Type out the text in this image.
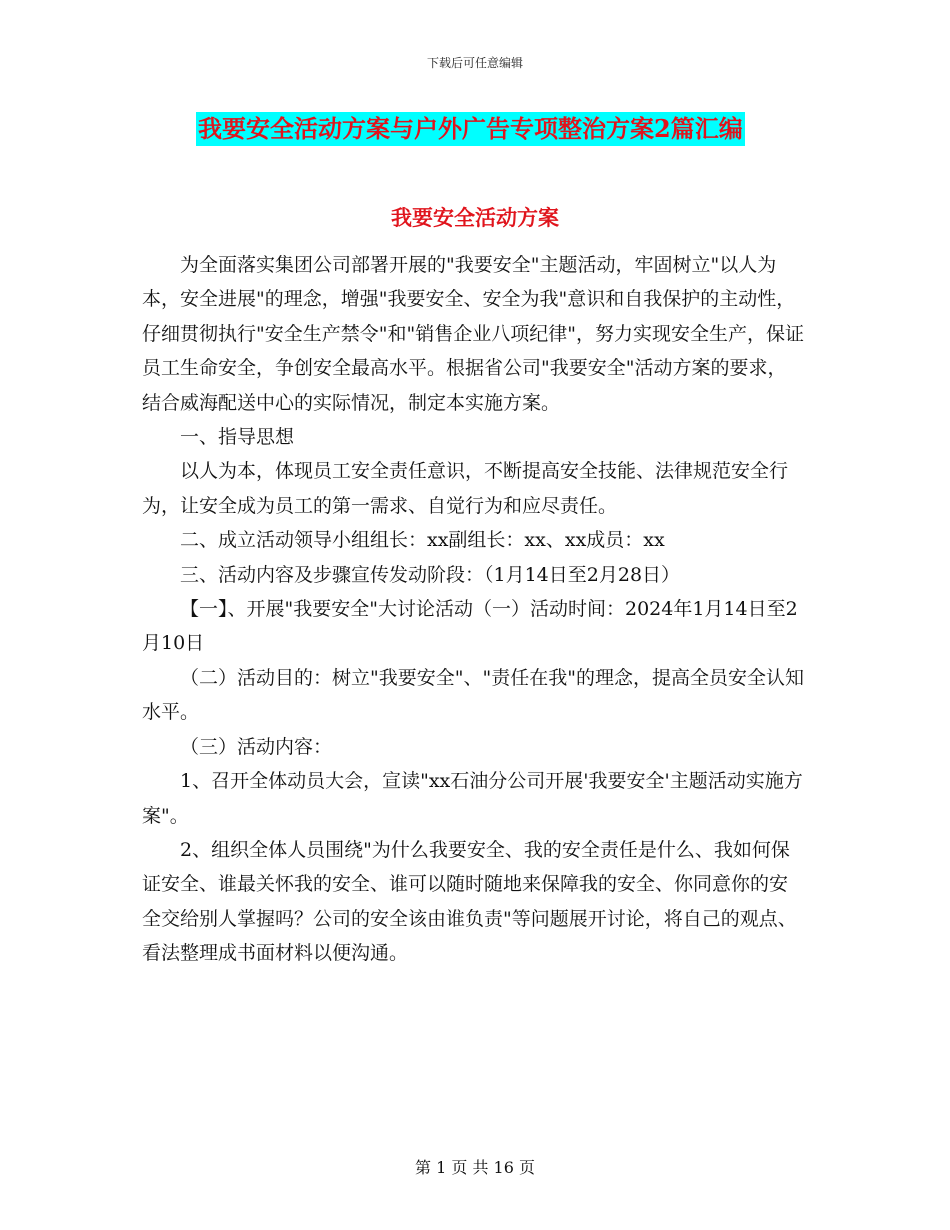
下载后可任意编辑
我要安全活动方案与户外广告专项整治方案2篇汇编
我要安全活动方案

为全面落实集团公司部署开展的"我要安全"主题活动，牢固树立"以人为本，安全进展"的理念，增强"我要安全、安全为我"意识和自我保护的主动性，仔细贯彻执行"安全生产禁令"和"销售企业八项纪律"，努力实现安全生产，保证员工生命安全，争创安全最高水平。根据省公司"我要安全"活动方案的要求，结合威海配送中心的实际情况，制定本实施方案。

一、指导思想

以人为本，体现员工安全责任意识，不断提高安全技能、法律规范安全行为，让安全成为员工的第一需求、自觉行为和应尽责任。

二、成立活动领导小组组长：xx副组长：xx、xx成员：xx

三、活动内容及步骤宣传发动阶段：（1月14日至2月28日）

【一】、开展"我要安全"大讨论活动（一）活动时间：2024年1月14日至2月10日

（二）活动目的：树立"我要安全"、"责任在我"的理念，提高全员安全认知水平。

（三）活动内容：

1、召开全体动员大会，宣读"xx石油分公司开展'我要安全'主题活动实施方案"。

2、组织全体人员围绕"为什么我要安全、我的安全责任是什么、我如何保证安全、谁最关怀我的安全、谁可以随时随地来保障我的安全、你同意你的安全交给别人掌握吗？公司的安全该由谁负责"等问题展开讨论，将自己的观点、看法整理成书面材料以便沟通。

第 1 页 共 16 页
